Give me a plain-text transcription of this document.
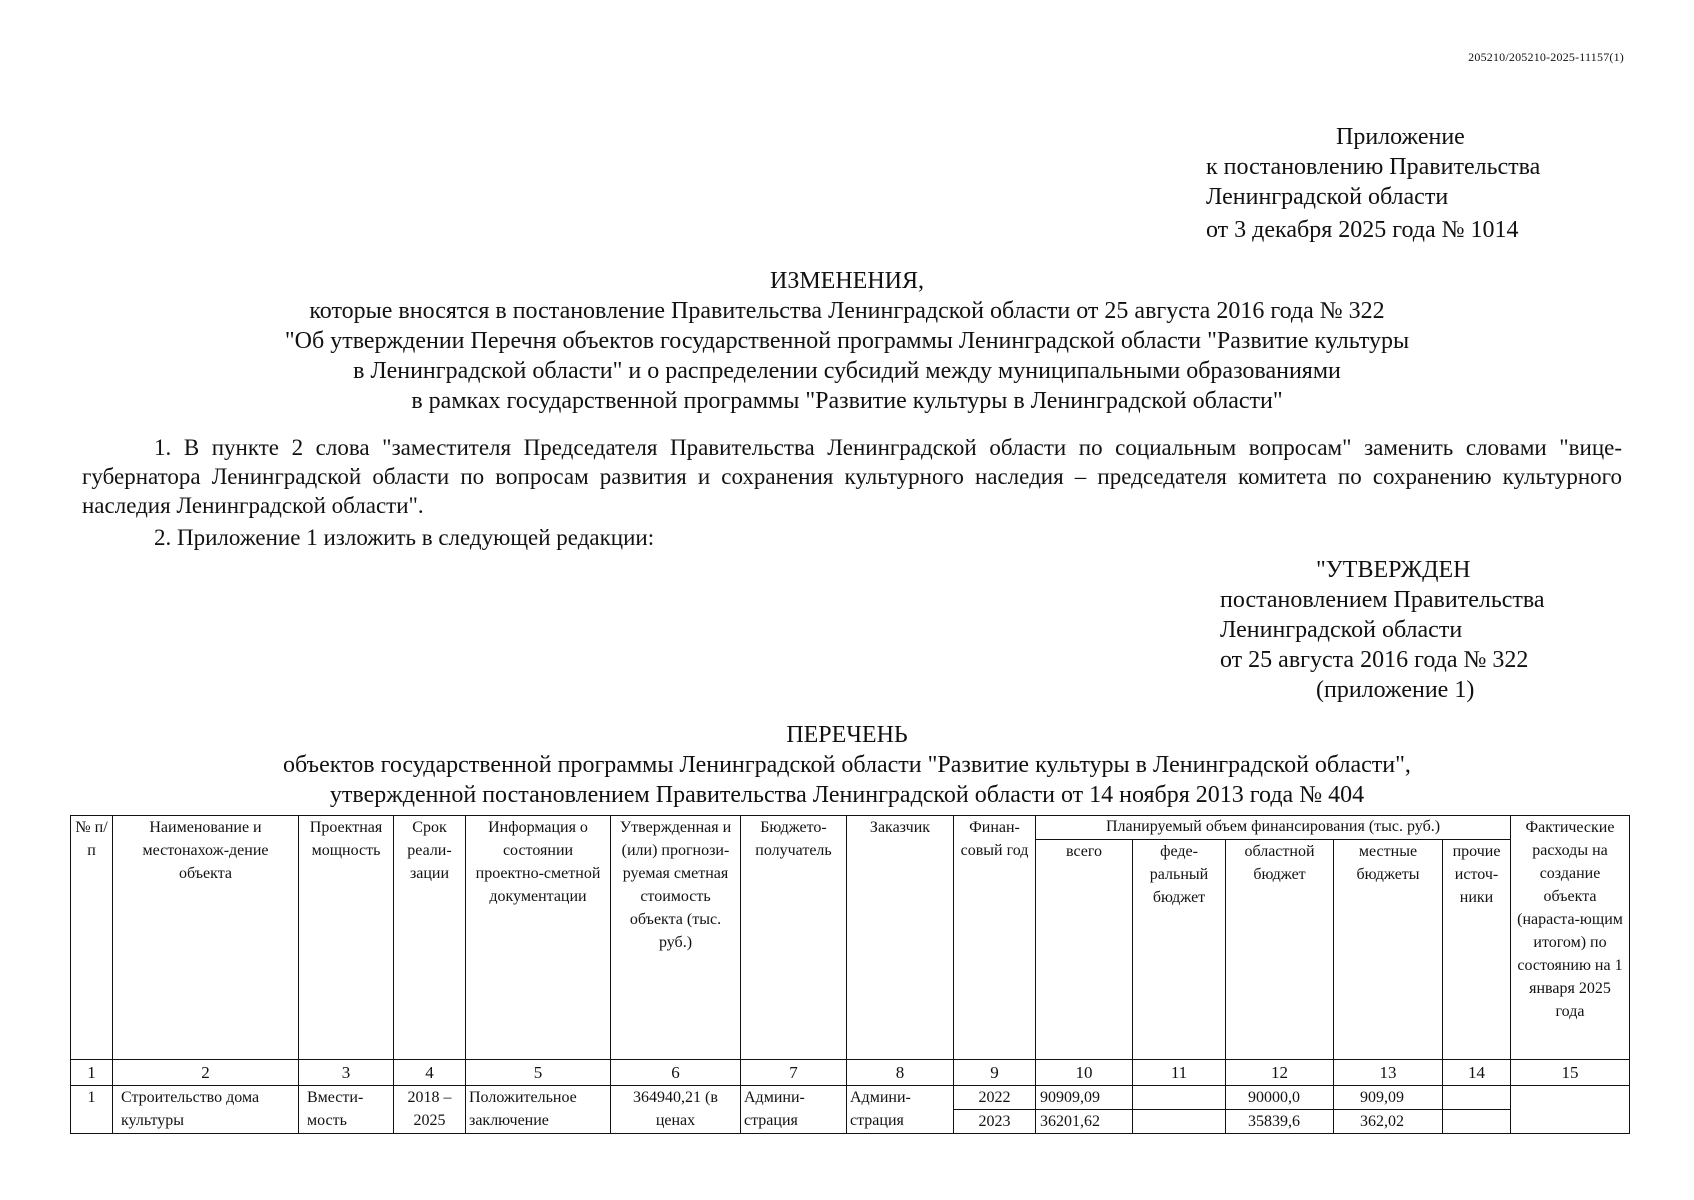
205210/205210-2025-11157(1)
Приложение
к постановлению Правительства
Ленинградской области
от 3 декабря 2025 года № 1014
ИЗМЕНЕНИЯ,
которые вносятся в постановление Правительства Ленинградской области от 25 августа 2016 года № 322
"Об утверждении Перечня объектов государственной программы Ленинградской области "Развитие культуры
в Ленинградской области" и о распределении субсидий между муниципальными образованиями
в рамках государственной программы "Развитие культуры в Ленинградской области"
1. В пункте 2 слова "заместителя Председателя Правительства Ленинградской области по социальным вопросам" заменить словами "вице-губернатора Ленинградской области по вопросам развития и сохранения культурного наследия – председателя комитета по сохранению культурного наследия Ленинградской области".
2. Приложение 1 изложить в следующей редакции:
"УТВЕРЖДЕН
постановлением Правительства
Ленинградской области
от 25 августа 2016 года № 322
(приложение 1)
ПЕРЕЧЕНЬ
объектов государственной программы Ленинградской области "Развитие культуры в Ленинградской области",
утвержденной постановлением Правительства Ленинградской области от 14 ноября 2013 года № 404
№ п/п	Наименование и местонахож-дение объекта	Проектная мощность	Срок реали-зации	Информация о состоянии проектно-сметной документации	Утвержденная и (или) прогнози-руемая сметная стоимость объекта (тыс. руб.)	Бюджето-получатель	Заказчик	Финан-совый год	Планируемый объем финансирования (тыс. руб.)					Фактические расходы на создание объекта (нараста-ющим итогом) по состоянию на 1 января 2025 года
									всего	феде-ральный бюджет	областной бюджет	местные бюджеты	прочие источ-ники	
1	2	3	4	5	6	7	8	9	10	11	12	13	14	15
1	Строительство дома культуры	Вмести-мость	2018 – 2025	Положительное заключение	364940,21 (в ценах	Админи-страция	Админи-страция	2022	90909,09		90000,0	909,09		
								2023	36201,62		35839,6	362,02		
